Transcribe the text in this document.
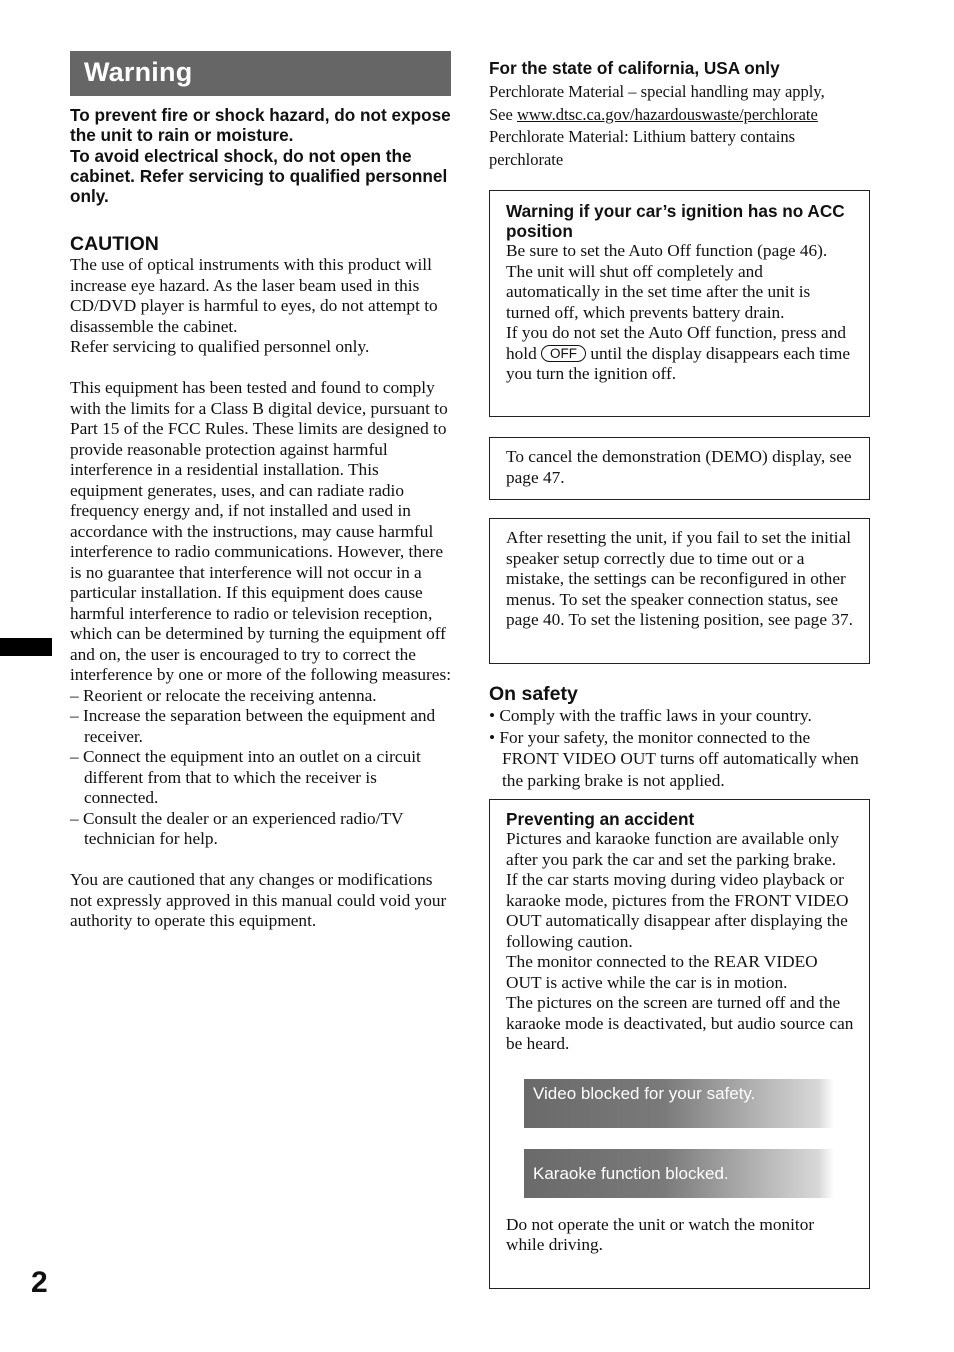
Warning

To prevent fire or shock hazard, do not expose the unit to rain or moisture.

To avoid electrical shock, do not open the cabinet. Refer servicing to qualified personnel only.

CAUTION

The use of optical instruments with this product will increase eye hazard. As the laser beam used in this CD/DVD player is harmful to eyes, do not attempt to disassemble the cabinet.

Refer servicing to qualified personnel only.

This equipment has been tested and found to comply with the limits for a Class B digital device, pursuant to Part 15 of the FCC Rules. These limits are designed to provide reasonable protection against harmful interference in a residential installation. This equipment generates, uses, and can radiate radio frequency energy and, if not installed and used in accordance with the instructions, may cause harmful interference to radio communications. However, there is no guarantee that interference will not occur in a particular installation. If this equipment does cause harmful interference to radio or television reception, which can be determined by turning the equipment off and on, the user is encouraged to try to correct the interference by one or more of the following measures:

– Reorient or relocate the receiving antenna.
– Increase the separation between the equipment and receiver.
– Connect the equipment into an outlet on a circuit different from that to which the receiver is connected.
– Consult the dealer or an experienced radio/TV technician for help.

You are cautioned that any changes or modifications not expressly approved in this manual could void your authority to operate this equipment.

For the state of california, USA only

Perchlorate Material – special handling may apply,

See www.dtsc.ca.gov/hazardouswaste/perchlorate

Perchlorate Material: Lithium battery contains perchlorate

Warning if your car’s ignition has no ACC position

Be sure to set the Auto Off function (page 46).

The unit will shut off completely and automatically in the set time after the unit is turned off, which prevents battery drain.

If you do not set the Auto Off function, press and hold OFF until the display disappears each time you turn the ignition off.

To cancel the demonstration (DEMO) display, see page 47.

After resetting the unit, if you fail to set the initial speaker setup correctly due to time out or a mistake, the settings can be reconfigured in other menus. To set the speaker connection status, see page 40. To set the listening position, see page 37.

On safety
• Comply with the traffic laws in your country.
• For your safety, the monitor connected to the FRONT VIDEO OUT turns off automatically when the parking brake is not applied.
Preventing an accident

Pictures and karaoke function are available only after you park the car and set the parking brake.

If the car starts moving during video playback or karaoke mode, pictures from the FRONT VIDEO OUT automatically disappear after displaying the following caution.

The monitor connected to the REAR VIDEO OUT is active while the car is in motion.

The pictures on the screen are turned off and the karaoke mode is deactivated, but audio source can be heard.

Video blocked for your safety.
Karaoke function blocked.

Do not operate the unit or watch the monitor while driving.

2
